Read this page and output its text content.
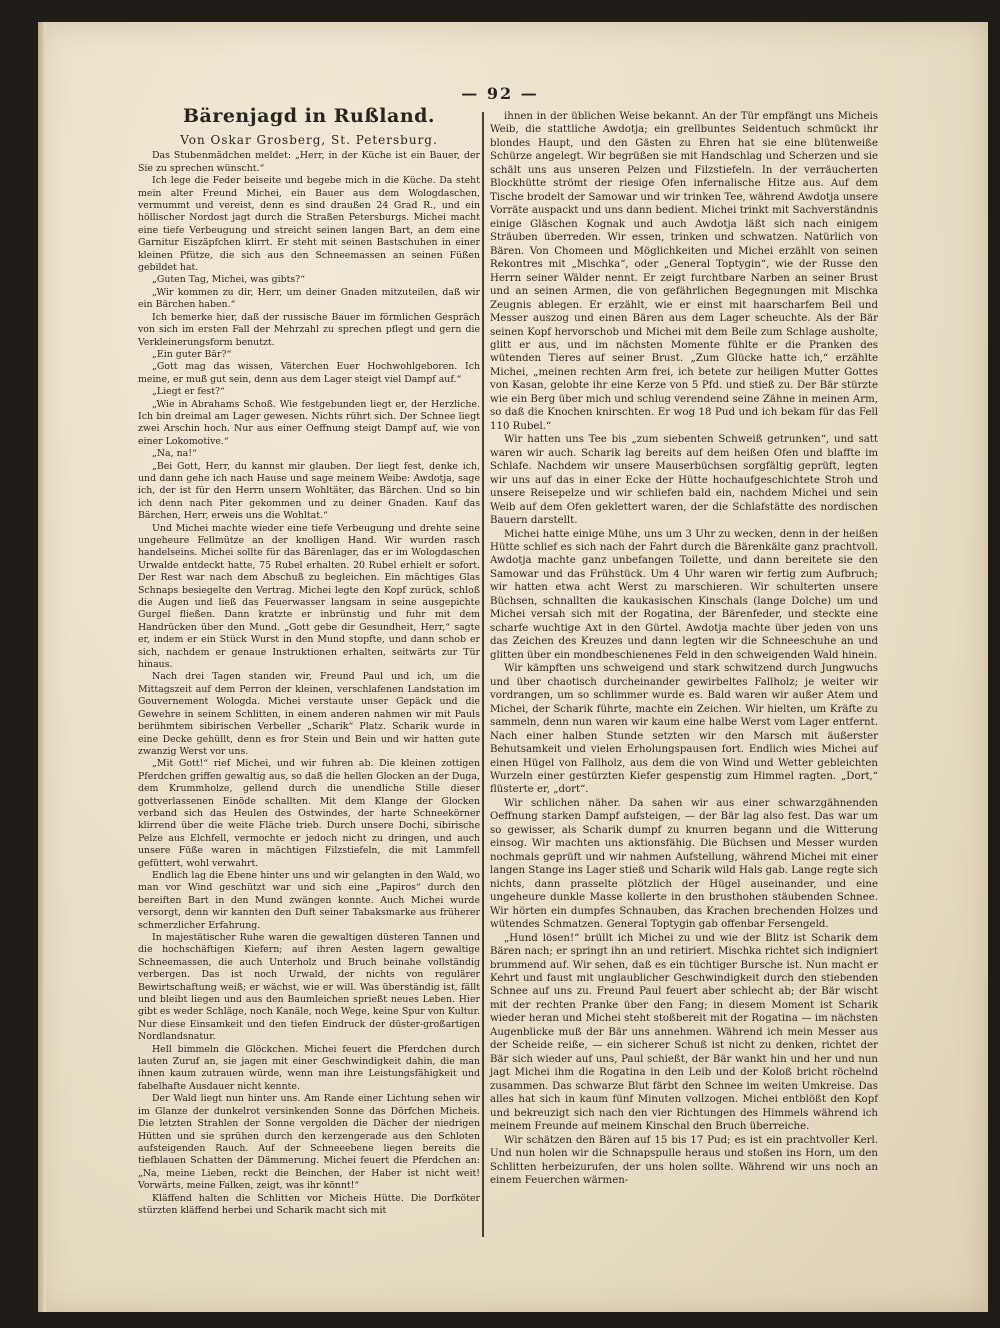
— 92 —
Bärenjagd in Rußland.
Von Oskar Grosberg, St. Petersburg.

Das Stubenmädchen meldet: „Herr, in der Küche ist ein Bauer, der Sie zu sprechen wünscht.“

Ich lege die Feder beiseite und begebe mich in die Küche. Da steht mein alter Freund Michei, ein Bauer aus dem Wologdaschen, vermummt und vereist, denn es sind draußen 24 Grad R., und ein höllischer Nordost jagt durch die Straßen Petersburgs. Michei macht eine tiefe Verbeugung und streicht seinen langen Bart, an dem eine Garnitur Eiszäpfchen klirrt. Er steht mit seinen Bastschuhen in einer kleinen Pfütze, die sich aus den Schneemassen an seinen Füßen gebildet hat.

„Guten Tag, Michei, was gibts?“

„Wir kommen zu dir, Herr, um deiner Gnaden mitzuteilen, daß wir ein Bärchen haben.“

Ich bemerke hier, daß der russische Bauer im förmlichen Gespräch von sich im ersten Fall der Mehrzahl zu sprechen pflegt und gern die Verkleinerungsform benutzt.

„Ein guter Bär?“

„Gott mag das wissen, Väterchen Euer Hochwohlgeboren. Ich meine, er muß gut sein, denn aus dem Lager steigt viel Dampf auf.“

„Liegt er fest?“

„Wie in Abrahams Schoß. Wie festgebunden liegt er, der Herzliche. Ich bin dreimal am Lager gewesen. Nichts rührt sich. Der Schnee liegt zwei Arschin hoch. Nur aus einer Oeffnung steigt Dampf auf, wie von einer Lokomotive.“

„Na, na!“

„Bei Gott, Herr, du kannst mir glauben. Der liegt fest, denke ich, und dann gehe ich nach Hause und sage meinem Weibe: Awdotja, sage ich, der ist für den Herrn unsern Wohltäter, das Bärchen. Und so bin ich denn nach Piter gekommen und zu deiner Gnaden. Kauf das Bärchen, Herr, erweis uns die Wohltat.“

Und Michei machte wieder eine tiefe Verbeugung und drehte seine ungeheure Fellmütze an der knolligen Hand. Wir wurden rasch handelseins. Michei sollte für das Bärenlager, das er im Wologdaschen Urwalde entdeckt hatte, 75 Rubel erhalten. 20 Rubel erhielt er sofort. Der Rest war nach dem Abschuß zu begleichen. Ein mächtiges Glas Schnaps besiegelte den Vertrag. Michei legte den Kopf zurück, schloß die Augen und ließ das Feuerwasser langsam in seine ausgepichte Gurgel fließen. Dann kratzte er inbrünstig und fuhr mit dem Handrücken über den Mund. „Gott gebe dir Gesundheit, Herr,“ sagte er, indem er ein Stück Wurst in den Mund stopfte, und dann schob er sich, nachdem er genaue Instruktionen erhalten, seitwärts zur Tür hinaus.

Nach drei Tagen standen wir, Freund Paul und ich, um die Mittagszeit auf dem Perron der kleinen, verschlafenen Landstation im Gouvernement Wologda. Michei verstaute unser Gepäck und die Gewehre in seinem Schlitten, in einem anderen nahmen wir mit Pauls berühmtem sibirischen Verbeller „Scharik“ Platz. Scharik wurde in eine Decke gehüllt, denn es fror Stein und Bein und wir hatten gute zwanzig Werst vor uns.

„Mit Gott!“ rief Michei, und wir fuhren ab. Die kleinen zottigen Pferdchen griffen gewaltig aus, so daß die hellen Glocken an der Duga, dem Krummholze, gellend durch die unendliche Stille dieser gottverlassenen Einöde schallten. Mit dem Klange der Glocken verband sich das Heulen des Ostwindes, der harte Schneekörner klirrend über die weite Fläche trieb. Durch unsere Dochi, sibirische Pelze aus Elchfell, vermochte er jedoch nicht zu dringen, und auch unsere Füße waren in mächtigen Filzstiefeln, die mit Lammfell gefüttert, wohl verwahrt.

Endlich lag die Ebene hinter uns und wir gelangten in den Wald, wo man vor Wind geschützt war und sich eine „Papiros“ durch den bereiften Bart in den Mund zwängen konnte. Auch Michei wurde versorgt, denn wir kannten den Duft seiner Tabaksmarke aus früherer schmerzlicher Erfahrung.

In majestätischer Ruhe waren die gewaltigen düsteren Tannen und die hochschäftigen Kiefern; auf ihren Aesten lagern gewaltige Schneemassen, die auch Unterholz und Bruch beinahe vollständig verbergen. Das ist noch Urwald, der nichts von regulärer Bewirtschaftung weiß; er wächst, wie er will. Was überständig ist, fällt und bleibt liegen und aus den Baumleichen sprießt neues Leben. Hier gibt es weder Schläge, noch Kanäle, noch Wege, keine Spur von Kultur. Nur diese Einsamkeit und den tiefen Eindruck der düster-großartigen Nordlandsnatur.

Hell bimmeln die Glöckchen. Michei feuert die Pferdchen durch lauten Zuruf an, sie jagen mit einer Geschwindigkeit dahin, die man ihnen kaum zutrauen würde, wenn man ihre Leistungsfähigkeit und fabelhafte Ausdauer nicht kennte.

Der Wald liegt nun hinter uns. Am Rande einer Lichtung sehen wir im Glanze der dunkelrot versinkenden Sonne das Dörfchen Micheis. Die letzten Strahlen der Sonne vergolden die Dächer der niedrigen Hütten und sie sprühen durch den kerzengerade aus den Schloten aufsteigenden Rauch. Auf der Schneeebene liegen bereits die tiefblauen Schatten der Dämmerung. Michei feuert die Pferdchen an: „Na, meine Lieben, reckt die Beinchen, der Haber ist nicht weit! Vorwärts, meine Falken, zeigt, was ihr könnt!“

Kläffend halten die Schlitten vor Micheis Hütte. Die Dorfköter stürzten kläffend herbei und Scharik macht sich mit

ihnen in der üblichen Weise bekannt. An der Tür empfängt uns Micheis Weib, die stattliche Awdotja; ein grellbuntes Seidentuch schmückt ihr blondes Haupt, und den Gästen zu Ehren hat sie eine blütenweiße Schürze angelegt. Wir begrüßen sie mit Handschlag und Scherzen und sie schält uns aus unseren Pelzen und Filzstiefeln. In der verräucherten Blockhütte strömt der riesige Ofen infernalische Hitze aus. Auf dem Tische brodelt der Samowar und wir trinken Tee, während Awdotja unsere Vorräte auspackt und uns dann bedient. Michei trinkt mit Sachverständnis einige Gläschen Kognak und auch Awdotja läßt sich nach einigem Sträuben überreden. Wir essen, trinken und schwatzen. Natürlich von Bären. Von Chomeen und Möglichkeiten und Michei erzählt von seinen Rekontres mit „Mischka“, oder „General Toptygin“, wie der Russe den Herrn seiner Wälder nennt. Er zeigt furchtbare Narben an seiner Brust und an seinen Armen, die von gefährlichen Begegnungen mit Mischka Zeugnis ablegen. Er erzählt, wie er einst mit haarscharfem Beil und Messer auszog und einen Bären aus dem Lager scheuchte. Als der Bär seinen Kopf hervorschob und Michei mit dem Beile zum Schlage ausholte, glitt er aus, und im nächsten Momente fühlte er die Pranken des wütenden Tieres auf seiner Brust. „Zum Glücke hatte ich,“ erzählte Michei, „meinen rechten Arm frei, ich betete zur heiligen Mutter Gottes von Kasan, gelobte ihr eine Kerze von 5 Pfd. und stieß zu. Der Bär stürzte wie ein Berg über mich und schlug verendend seine Zähne in meinen Arm, so daß die Knochen knirschten. Er wog 18 Pud und ich bekam für das Fell 110 Rubel.“

Wir hatten uns Tee bis „zum siebenten Schweiß getrunken“, und satt waren wir auch. Scharik lag bereits auf dem heißen Ofen und blaffte im Schlafe. Nachdem wir unsere Mauserbüchsen sorgfältig geprüft, legten wir uns auf das in einer Ecke der Hütte hochaufgeschichtete Stroh und unsere Reisepelze und wir schliefen bald ein, nachdem Michei und sein Weib auf dem Ofen geklettert waren, der die Schlafstätte des nordischen Bauern darstellt.

Michei hatte einige Mühe, uns um 3 Uhr zu wecken, denn in der heißen Hütte schlief es sich nach der Fahrt durch die Bärenkälte ganz prachtvoll. Awdotja machte ganz unbefangen Toilette, und dann bereitete sie den Samowar und das Frühstück. Um 4 Uhr waren wir fertig zum Aufbruch; wir hatten etwa acht Werst zu marschieren. Wir schulterten unsere Büchsen, schnallten die kaukasischen Kinschals (lange Dolche) um und Michei versah sich mit der Rogatina, der Bärenfeder, und steckte eine scharfe wuchtige Axt in den Gürtel. Awdotja machte über jeden von uns das Zeichen des Kreuzes und dann legten wir die Schneeschuhe an und glitten über ein mondbeschienenes Feld in den schweigenden Wald hinein.

Wir kämpften uns schweigend und stark schwitzend durch Jungwuchs und über chaotisch durcheinander gewirbeltes Fallholz; je weiter wir vordrangen, um so schlimmer wurde es. Bald waren wir außer Atem und Michei, der Scharik führte, machte ein Zeichen. Wir hielten, um Kräfte zu sammeln, denn nun waren wir kaum eine halbe Werst vom Lager entfernt. Nach einer halben Stunde setzten wir den Marsch mit äußerster Behutsamkeit und vielen Erholungspausen fort. Endlich wies Michei auf einen Hügel von Fallholz, aus dem die von Wind und Wetter gebleichten Wurzeln einer gestürzten Kiefer gespenstig zum Himmel ragten. „Dort,“ flüsterte er, „dort“.

Wir schlichen näher. Da sahen wir aus einer schwarzgähnenden Oeffnung starken Dampf aufsteigen, — der Bär lag also fest. Das war um so gewisser, als Scharik dumpf zu knurren begann und die Witterung einsog. Wir machten uns aktionsfähig. Die Büchsen und Messer wurden nochmals geprüft und wir nahmen Aufstellung, während Michei mit einer langen Stange ins Lager stieß und Scharik wild Hals gab. Lange regte sich nichts, dann prasselte plötzlich der Hügel auseinander, und eine ungeheure dunkle Masse kollerte in den brusthohen stäubenden Schnee. Wir hörten ein dumpfes Schnauben, das Krachen brechenden Holzes und wütendes Schmatzen. General Toptygin gab offenbar Fersengeld.

„Hund lösen!“ brüllt ich Michei zu und wie der Blitz ist Scharik dem Bären nach; er springt ihn an und retiriert. Mischka richtet sich indigniert brummend auf. Wir sehen, daß es ein tüchtiger Bursche ist. Nun macht er Kehrt und faust mit unglaublicher Geschwindigkeit durch den stiebenden Schnee auf uns zu. Freund Paul feuert aber schlecht ab; der Bär wischt mit der rechten Pranke über den Fang; in diesem Moment ist Scharik wieder heran und Michei steht stoßbereit mit der Rogatina — im nächsten Augenblicke muß der Bär uns annehmen. Während ich mein Messer aus der Scheide reiße, — ein sicherer Schuß ist nicht zu denken, richtet der Bär sich wieder auf uns, Paul schießt, der Bär wankt hin und her und nun jagt Michei ihm die Rogatina in den Leib und der Koloß bricht röchelnd zusammen. Das schwarze Blut färbt den Schnee im weiten Umkreise. Das alles hat sich in kaum fünf Minuten vollzogen. Michei entblößt den Kopf und bekreuzigt sich nach den vier Richtungen des Himmels während ich meinem Freunde auf meinem Kinschal den Bruch überreiche.

Wir schätzen den Bären auf 15 bis 17 Pud; es ist ein prachtvoller Kerl. Und nun holen wir die Schnapspulle heraus und stoßen ins Horn, um den Schlitten herbeizurufen, der uns holen sollte. Während wir uns noch an einem Feuerchen wärmen-
